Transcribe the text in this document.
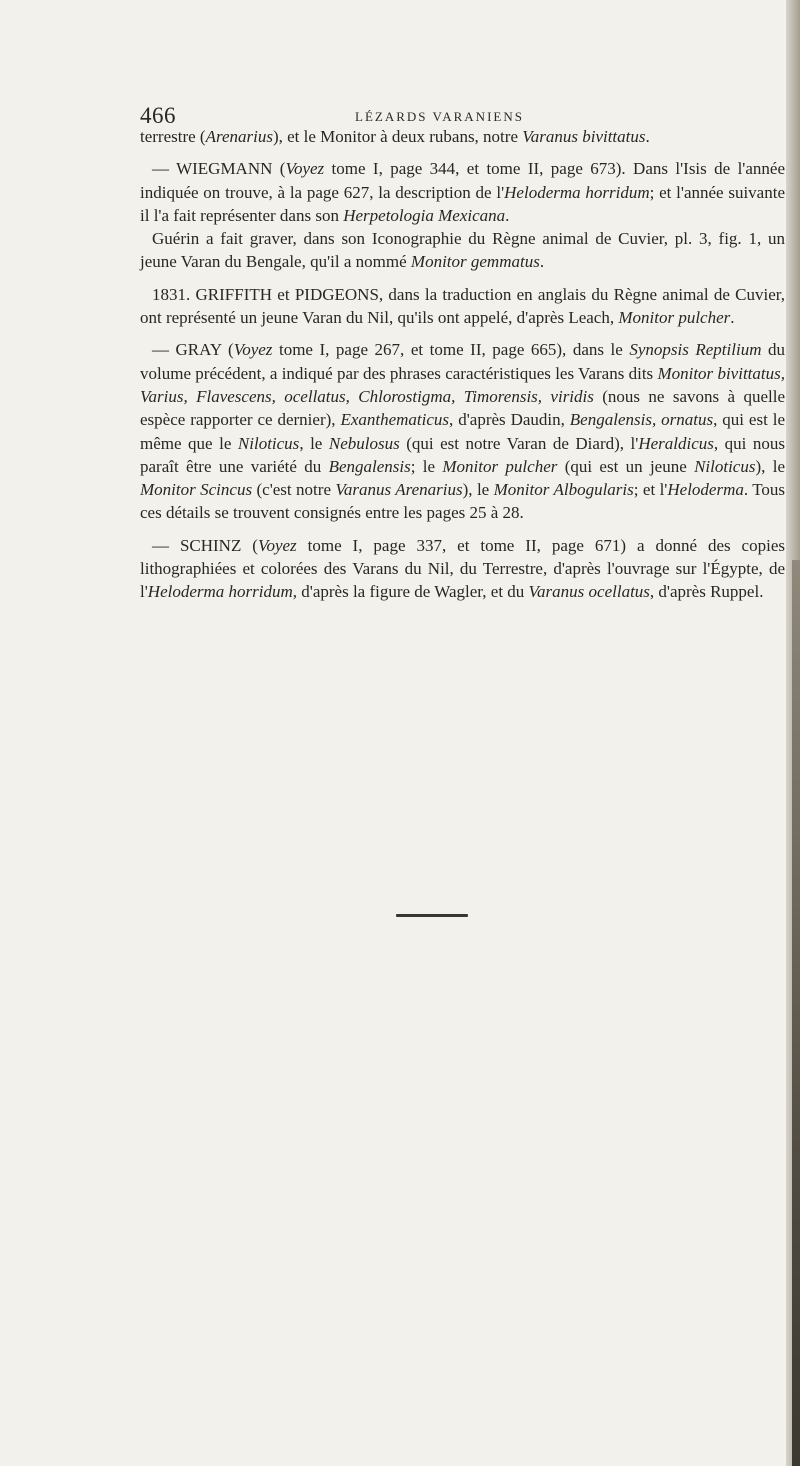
466	LÉZARDS VARANIENS

terrestre (Arenarius), et le Monitor à deux rubans, notre Varanus bivittatus.

— WIEGMANN (Voyez tome I, page 344, et tome II, page 673). Dans l'Isis de l'année indiquée on trouve, à la page 627, la description de l'Heloderma horridum; et l'année suivante il l'a fait représenter dans son Herpetologia Mexicana.

Guérin a fait graver, dans son Iconographie du Règne animal de Cuvier, pl. 3, fig. 1, un jeune Varan du Bengale, qu'il a nommé Monitor gemmatus.

1831. GRIFFITH et PIDGEONS, dans la traduction en anglais du Règne animal de Cuvier, ont représenté un jeune Varan du Nil, qu'ils ont appelé, d'après Leach, Monitor pulcher.

— GRAY (Voyez tome I, page 267, et tome II, page 665), dans le Synopsis Reptilium du volume précédent, a indiqué par des phrases caractéristiques les Varans dits Monitor bivittatus, Varius, Flavescens, ocellatus, Chlorostigma, Timorensis, viridis (nous ne savons à quelle espèce rapporter ce dernier), Exanthematicus, d'après Daudin, Bengalensis, ornatus, qui est le même que le Niloticus, le Nebulosus (qui est notre Varan de Diard), l'Heraldicus, qui nous paraît être une variété du Bengalensis; le Monitor pulcher (qui est un jeune Niloticus), le Monitor Scincus (c'est notre Varanus Arenarius), le Monitor Albogularis; et l'Heloderma. Tous ces détails se trouvent consignés entre les pages 25 à 28.

— SCHINZ (Voyez tome I, page 337, et tome II, page 671) a donné des copies lithographiées et colorées des Varans du Nil, du Terrestre, d'après l'ouvrage sur l'Égypte, de l'Heloderma horridum, d'après la figure de Wagler, et du Varanus ocellatus, d'après Ruppel.
